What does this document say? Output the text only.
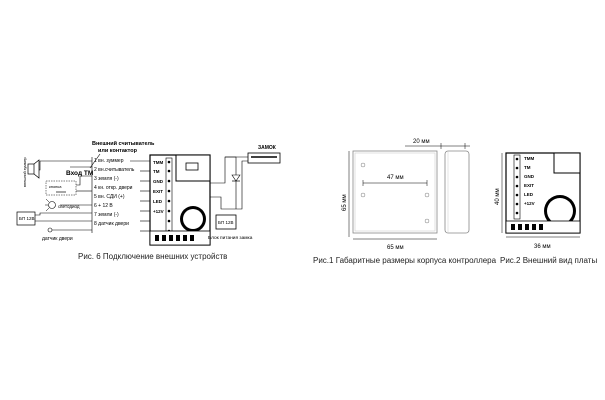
Внешний считыватель
или контактор
Вход ТМ
внешний зуммер	кнопка
светодиод
БП 12В
датчик двери
1 вн. зуммер
2 вн.считыватель
3 земля (-)
4 кн. откр. двери
5 вн. СДИ (+)
6 + 12 В
7 земли (-)
8 датчик двери
TMM
TM
GND
EXIT
LED
+12V
ЗАМОК
БП 12В
Блок питания замка
Рис. 6 Подключение внешних устройств
20 мм
65 мм
47 мм
65 мм
Рис.1 Габаритные размеры корпуса контроллера
40 мм
TMM
TM
GND
EXIT
LED
+12V
36 мм
Рис.2 Внешний вид платы
